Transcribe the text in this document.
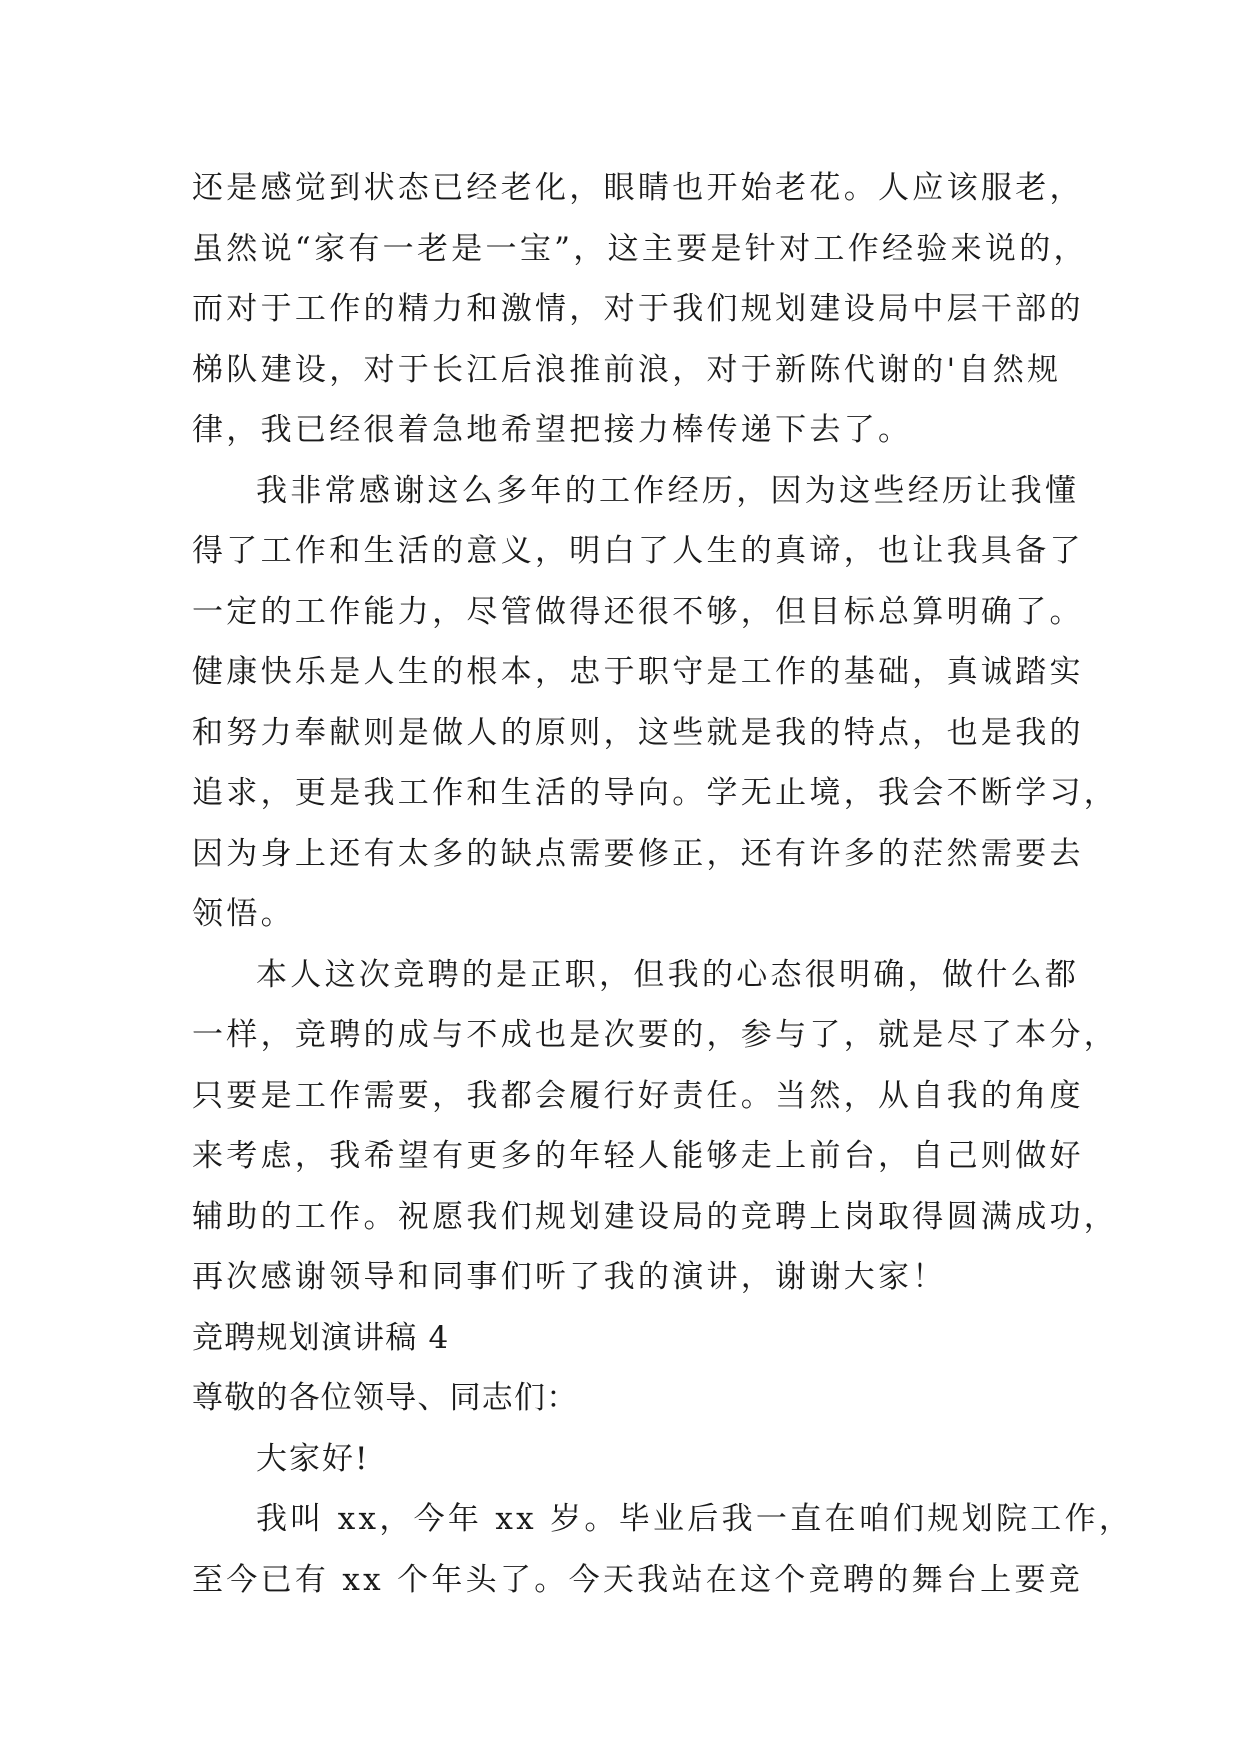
还是感觉到状态已经老化，眼睛也开始老花。人应该服老，
虽然说“家有一老是一宝”，这主要是针对工作经验来说的，
而对于工作的精力和激情，对于我们规划建设局中层干部的
梯队建设，对于长江后浪推前浪，对于新陈代谢的'自然规
律，我已经很着急地希望把接力棒传递下去了。
我非常感谢这么多年的工作经历，因为这些经历让我懂
得了工作和生活的意义，明白了人生的真谛，也让我具备了
一定的工作能力，尽管做得还很不够，但目标总算明确了。
健康快乐是人生的根本，忠于职守是工作的基础，真诚踏实
和努力奉献则是做人的原则，这些就是我的特点，也是我的
追求，更是我工作和生活的导向。学无止境，我会不断学习，
因为身上还有太多的缺点需要修正，还有许多的茫然需要去
领悟。
本人这次竞聘的是正职，但我的心态很明确，做什么都
一样，竞聘的成与不成也是次要的，参与了，就是尽了本分，
只要是工作需要，我都会履行好责任。当然，从自我的角度
来考虑，我希望有更多的年轻人能够走上前台，自己则做好
辅助的工作。祝愿我们规划建设局的竞聘上岗取得圆满成功，
再次感谢领导和同事们听了我的演讲，谢谢大家！
竞聘规划演讲稿 4
尊敬的各位领导、同志们：
大家好!
我叫 xx，今年 xx 岁。毕业后我一直在咱们规划院工作，
至今已有 xx 个年头了。今天我站在这个竞聘的舞台上要竞
